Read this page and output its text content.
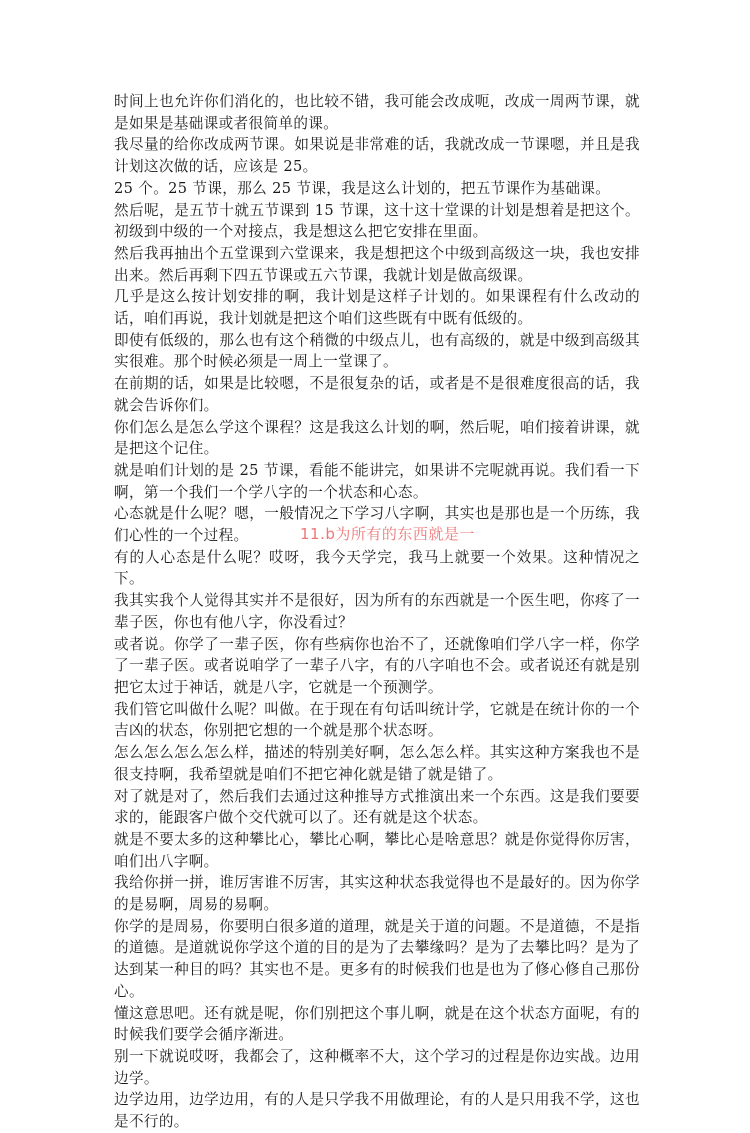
时间上也允许你们消化的，也比较不错，我可能会改成呃，改成一周两节课，就是如果是基础课或者很简单的课。

我尽量的给你改成两节课。如果说是非常难的话，我就改成一节课嗯，并且是我计划这次做的话，应该是 25。

25 个。25 节课，那么 25 节课，我是这么计划的，把五节课作为基础课。

然后呢，是五节十就五节课到 15 节课，这十这十堂课的计划是想着是把这个。初级到中级的一个对接点，我是想这么把它安排在里面。

然后我再抽出个五堂课到六堂课来，我是想把这个中级到高级这一块，我也安排出来。然后再剩下四五节课或五六节课，我就计划是做高级课。

几乎是这么按计划安排的啊，我计划是这样子计划的。如果课程有什么改动的话，咱们再说，我计划就是把这个咱们这些既有中既有低级的。

即使有低级的，那么也有这个稍微的中级点儿，也有高级的，就是中级到高级其实很难。那个时候必须是一周上一堂课了。

在前期的话，如果是比较嗯，不是很复杂的话，或者是不是很难度很高的话，我就会告诉你们。

你们怎么是怎么学这个课程？这是我这么计划的啊，然后呢，咱们接着讲课，就是把这个记住。

就是咱们计划的是 25 节课，看能不能讲完，如果讲不完呢就再说。我们看一下啊，第一个我们一个学八字的一个状态和心态。

心态就是什么呢？嗯，一般情况之下学习八字啊，其实也是那也是一个历练，我们心性的一个过程。

有的人心态是什么呢？哎呀，我今天学完，我马上就要一个效果。这种情况之下。

我其实我个人觉得其实并不是很好，因为所有的东西就是一个医生吧，你疼了一辈子医，你也有他八字，你没看过？

或者说。你学了一辈子医，你有些病你也治不了，还就像咱们学八字一样，你学了一辈子医。或者说咱学了一辈子八字，有的八字咱也不会。或者说还有就是别把它太过于神话，就是八字，它就是一个预测学。

我们管它叫做什么呢？叫做。在于现在有句话叫统计学，它就是在统计你的一个吉凶的状态，你别把它想的一个就是那个状态呀。

怎么怎么怎么怎么样，描述的特别美好啊，怎么怎么样。其实这种方案我也不是很支持啊，我希望就是咱们不把它神化就是错了就是错了。

对了就是对了，然后我们去通过这种推导方式推演出来一个东西。这是我们要要求的，能跟客户做个交代就可以了。还有就是这个状态。

就是不要太多的这种攀比心，攀比心啊，攀比心是啥意思？就是你觉得你厉害，咱们出八字啊。

我给你拼一拼，谁厉害谁不厉害，其实这种状态我觉得也不是最好的。因为你学的是易啊，周易的易啊。

你学的是周易，你要明白很多道的道理，就是关于道的问题。不是道德，不是指的道德。是道就说你学这个道的目的是为了去攀缘吗？是为了去攀比吗？是为了达到某一种目的吗？其实也不是。更多有的时候我们也是也为了修心修自己那份心。

懂这意思吧。还有就是呢，你们别把这个事儿啊，就是在这个状态方面呢，有的时候我们要学会循序渐进。

别一下就说哎呀，我都会了，这种概率不大，这个学习的过程是你边实战。边用边学。

边学边用，边学边用，有的人是只学我不用做理论，有的人是只用我不学，这也是不行的。

11.b为所有的东西就是一
